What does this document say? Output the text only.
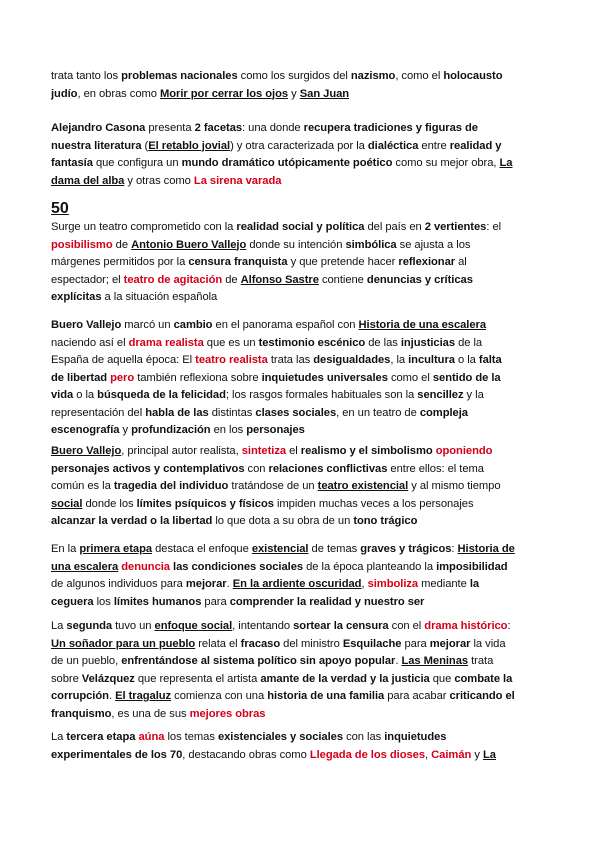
trata tanto los problemas nacionales como los surgidos del nazismo, como el holocausto
judío, en obras como Morir por cerrar los ojos y San Juan
Alejandro Casona presenta 2 facetas: una donde recupera tradiciones y figuras de
nuestra literatura (El retablo jovial) y otra caracterizada por la dialéctica entre realidad y
fantasía que configura un mundo dramático utópicamente poético como su mejor obra, La
dama del alba y otras como La sirena varada
50
Surge un teatro comprometido con la realidad social y política del país en 2 vertientes: el
posibilismo de Antonio Buero Vallejo donde su intención simbólica se ajusta a los
márgenes permitidos por la censura franquista y que pretende hacer reflexionar al
espectador; el teatro de agitación de Alfonso Sastre contiene denuncias y críticas
explícitas a la situación española
Buero Vallejo marcó un cambio en el panorama español con Historia de una escalera
naciendo así el drama realista que es un testimonio escénico de las injusticias de la
España de aquella época: El teatro realista trata las desigualdades, la incultura o la falta
de libertad pero también reflexiona sobre inquietudes universales como el sentido de la
vida o la búsqueda de la felicidad; los rasgos formales habituales son la sencillez y la
representación del habla de las distintas clases sociales, en un teatro de compleja
escenografía y profundización en los personajes
Buero Vallejo, principal autor realista, sintetiza el realismo y el simbolismo oponiendo
personajes activos y contemplativos con relaciones conflictivas entre ellos: el tema
común es la tragedia del individuo tratándose de un teatro existencial y al mismo tiempo
social donde los límites psíquicos y físicos impiden muchas veces a los personajes
alcanzar la verdad o la libertad lo que dota a su obra de un tono trágico
En la primera etapa destaca el enfoque existencial de temas graves y trágicos: Historia de
una escalera denuncia las condiciones sociales de la época planteando la imposibilidad
de algunos individuos para mejorar. En la ardiente oscuridad, simboliza mediante la
ceguera los límites humanos para comprender la realidad y nuestro ser
La segunda tuvo un enfoque social, intentando sortear la censura con el drama histórico:
Un soñador para un pueblo relata el fracaso del ministro Esquilache para mejorar la vida
de un pueblo, enfrentándose al sistema político sin apoyo popular. Las Meninas trata
sobre Velázquez que representa el artista amante de la verdad y la justicia que combate la
corrupción. El tragaluz comienza con una historia de una familia para acabar criticando el
franquismo, es una de sus mejores obras
La tercera etapa aúna los temas existenciales y sociales con las inquietudes
experimentales de los 70, destacando obras como Llegada de los dioses, Caimán y La
